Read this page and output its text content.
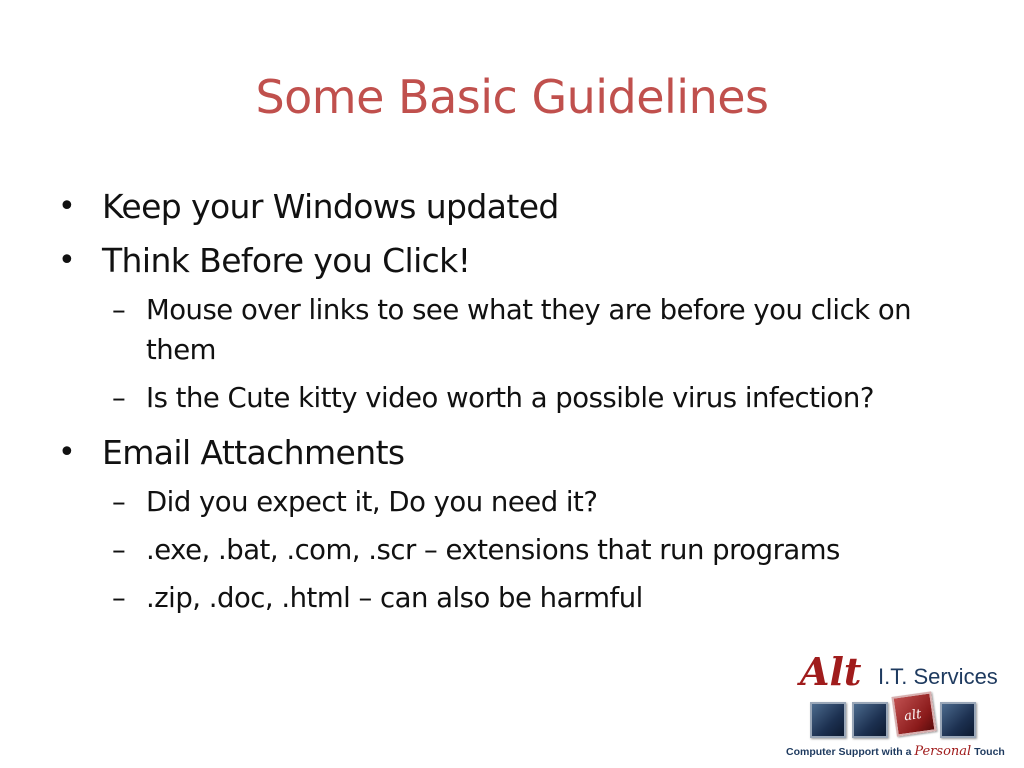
Some Basic Guidelines
• Keep your Windows updated
• Think Before you Click!
– Mouse over links to see what they are before you click on them
– Is the Cute kitty video worth a possible virus infection?
• Email Attachments
– Did you expect it, Do you need it?
– .exe, .bat, .com, .scr – extensions that run programs
– .zip, .doc, .html – can also be harmful
Alt I.T. Services
alt
Computer Support with a Personal Touch
